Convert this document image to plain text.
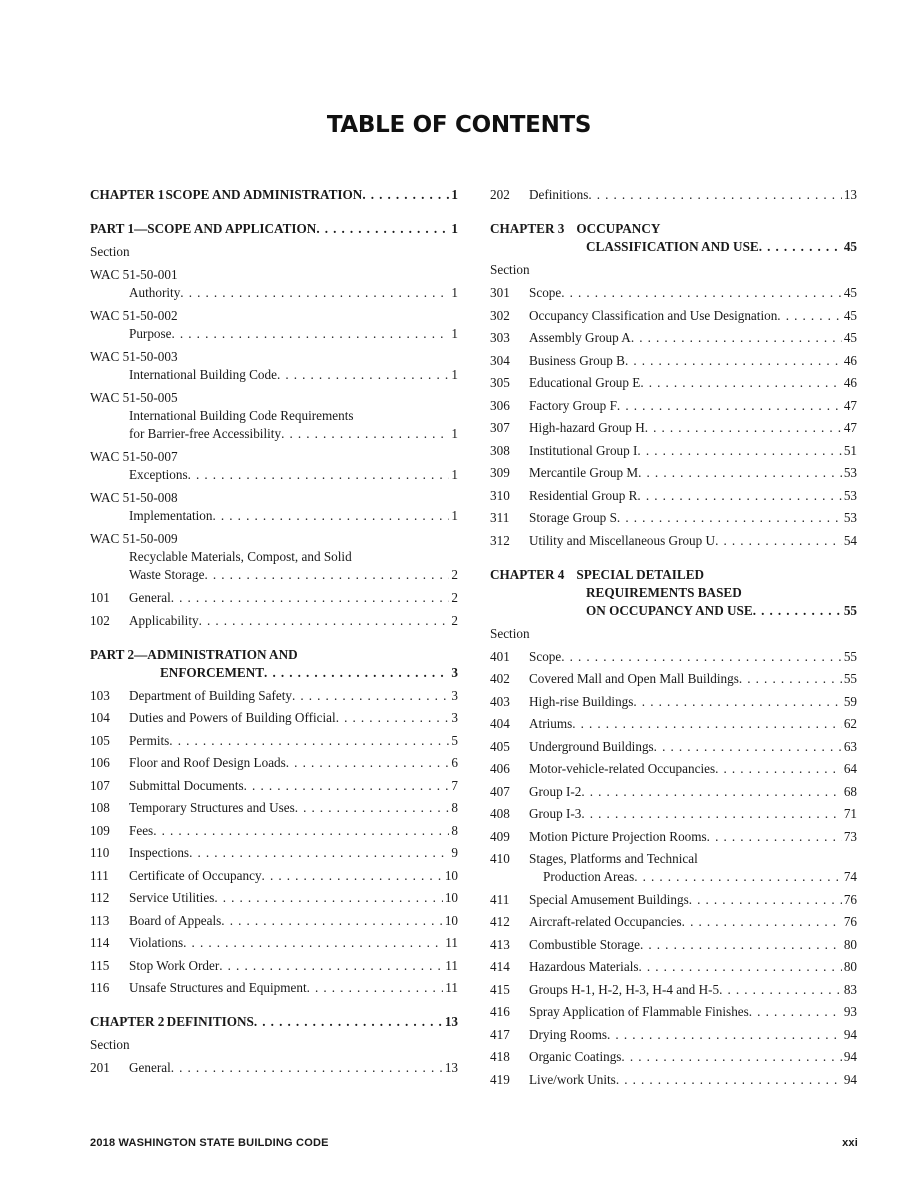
TABLE OF CONTENTS
CHAPTER 1 SCOPE AND ADMINISTRATION . . .	1
PART 1—SCOPE AND APPLICATION . . .	1
Section
WAC 51-50-001
Authority . . .	1
WAC 51-50-002
Purpose . . .	1
WAC 51-50-003
International Building Code . . .	1
WAC 51-50-005
International Building Code Requirements
for Barrier-free Accessibility . . .	1
WAC 51-50-007
Exceptions . . .	1
WAC 51-50-008
Implementation . . .	1
WAC 51-50-009
Recyclable Materials, Compost, and Solid
Waste Storage . . .	2
101	General . . .	2
102	Applicability . . .	2
PART 2—ADMINISTRATION AND
ENFORCEMENT . . .	3
103	Department of Building Safety . . .	3
104	Duties and Powers of Building Official . . .	3
105	Permits . . .	5
106	Floor and Roof Design Loads . . .	6
107	Submittal Documents . . .	7
108	Temporary Structures and Uses . . .	8
109	Fees . . .	8
110	Inspections . . .	9
111	Certificate of Occupancy . . .	10
112	Service Utilities . . .	10
113	Board of Appeals . . .	10
114	Violations . . .	11
115	Stop Work Order . . .	11
116	Unsafe Structures and Equipment . . .	11
CHAPTER 2 DEFINITIONS . . .	13
Section
201	General . . .	13
202	Definitions . . .	13
CHAPTER 3 OCCUPANCY
CLASSIFICATION AND USE . . .	45
Section
301	Scope . . .	45
302	Occupancy Classification and Use Designation . . .	45
303	Assembly Group A . . .	45
304	Business Group B . . .	46
305	Educational Group E . . .	46
306	Factory Group F . . .	47
307	High-hazard Group H . . .	47
308	Institutional Group I . . .	51
309	Mercantile Group M . . .	53
310	Residential Group R . . .	53
311	Storage Group S . . .	53
312	Utility and Miscellaneous Group U . . .	54
CHAPTER 4 SPECIAL DETAILED
REQUIREMENTS BASED
ON OCCUPANCY AND USE . . .	55
Section
401	Scope . . .	55
402	Covered Mall and Open Mall Buildings . . .	55
403	High-rise Buildings . . .	59
404	Atriums . . .	62
405	Underground Buildings . . .	63
406	Motor-vehicle-related Occupancies . . .	64
407	Group I-2 . . .	68
408	Group I-3 . . .	71
409	Motion Picture Projection Rooms . . .	73
410	Stages, Platforms and Technical
Production Areas . . .	74
411	Special Amusement Buildings . . .	76
412	Aircraft-related Occupancies . . .	76
413	Combustible Storage . . .	80
414	Hazardous Materials . . .	80
415	Groups H-1, H-2, H-3, H-4 and H-5 . . .	83
416	Spray Application of Flammable Finishes . . .	93
417	Drying Rooms . . .	94
418	Organic Coatings . . .	94
419	Live/work Units . . .	94
2018 WASHINGTON STATE BUILDING CODE	xxi
